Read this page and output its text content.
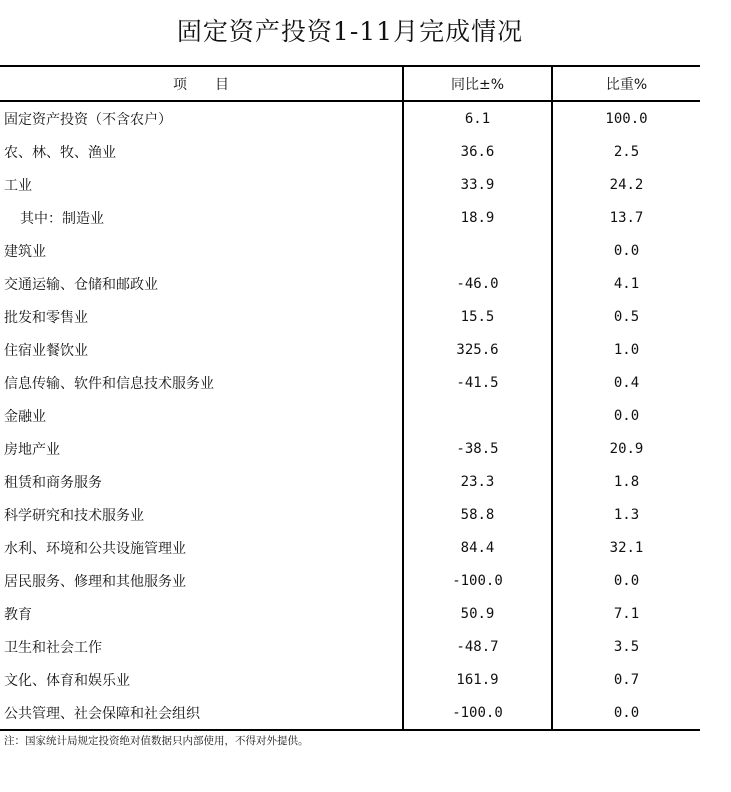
固定资产投资1-11月完成情况
项目	同比±%	比重%
固定资产投资（不含农户）	6.1	100.0
农、林、牧、渔业	36.6	2.5
工业	33.9	24.2
其中：制造业	18.9	13.7
建筑业		0.0
交通运输、仓储和邮政业	-46.0	4.1
批发和零售业	15.5	0.5
住宿业餐饮业	325.6	1.0
信息传输、软件和信息技术服务业	-41.5	0.4
金融业		0.0
房地产业	-38.5	20.9
租赁和商务服务	23.3	1.8
科学研究和技术服务业	58.8	1.3
水利、环境和公共设施管理业	84.4	32.1
居民服务、修理和其他服务业	-100.0	0.0
教育	50.9	7.1
卫生和社会工作	-48.7	3.5
文化、体育和娱乐业	161.9	0.7
公共管理、社会保障和社会组织	-100.0	0.0
注：国家统计局规定投资绝对值数据只内部使用，不得对外提供。
